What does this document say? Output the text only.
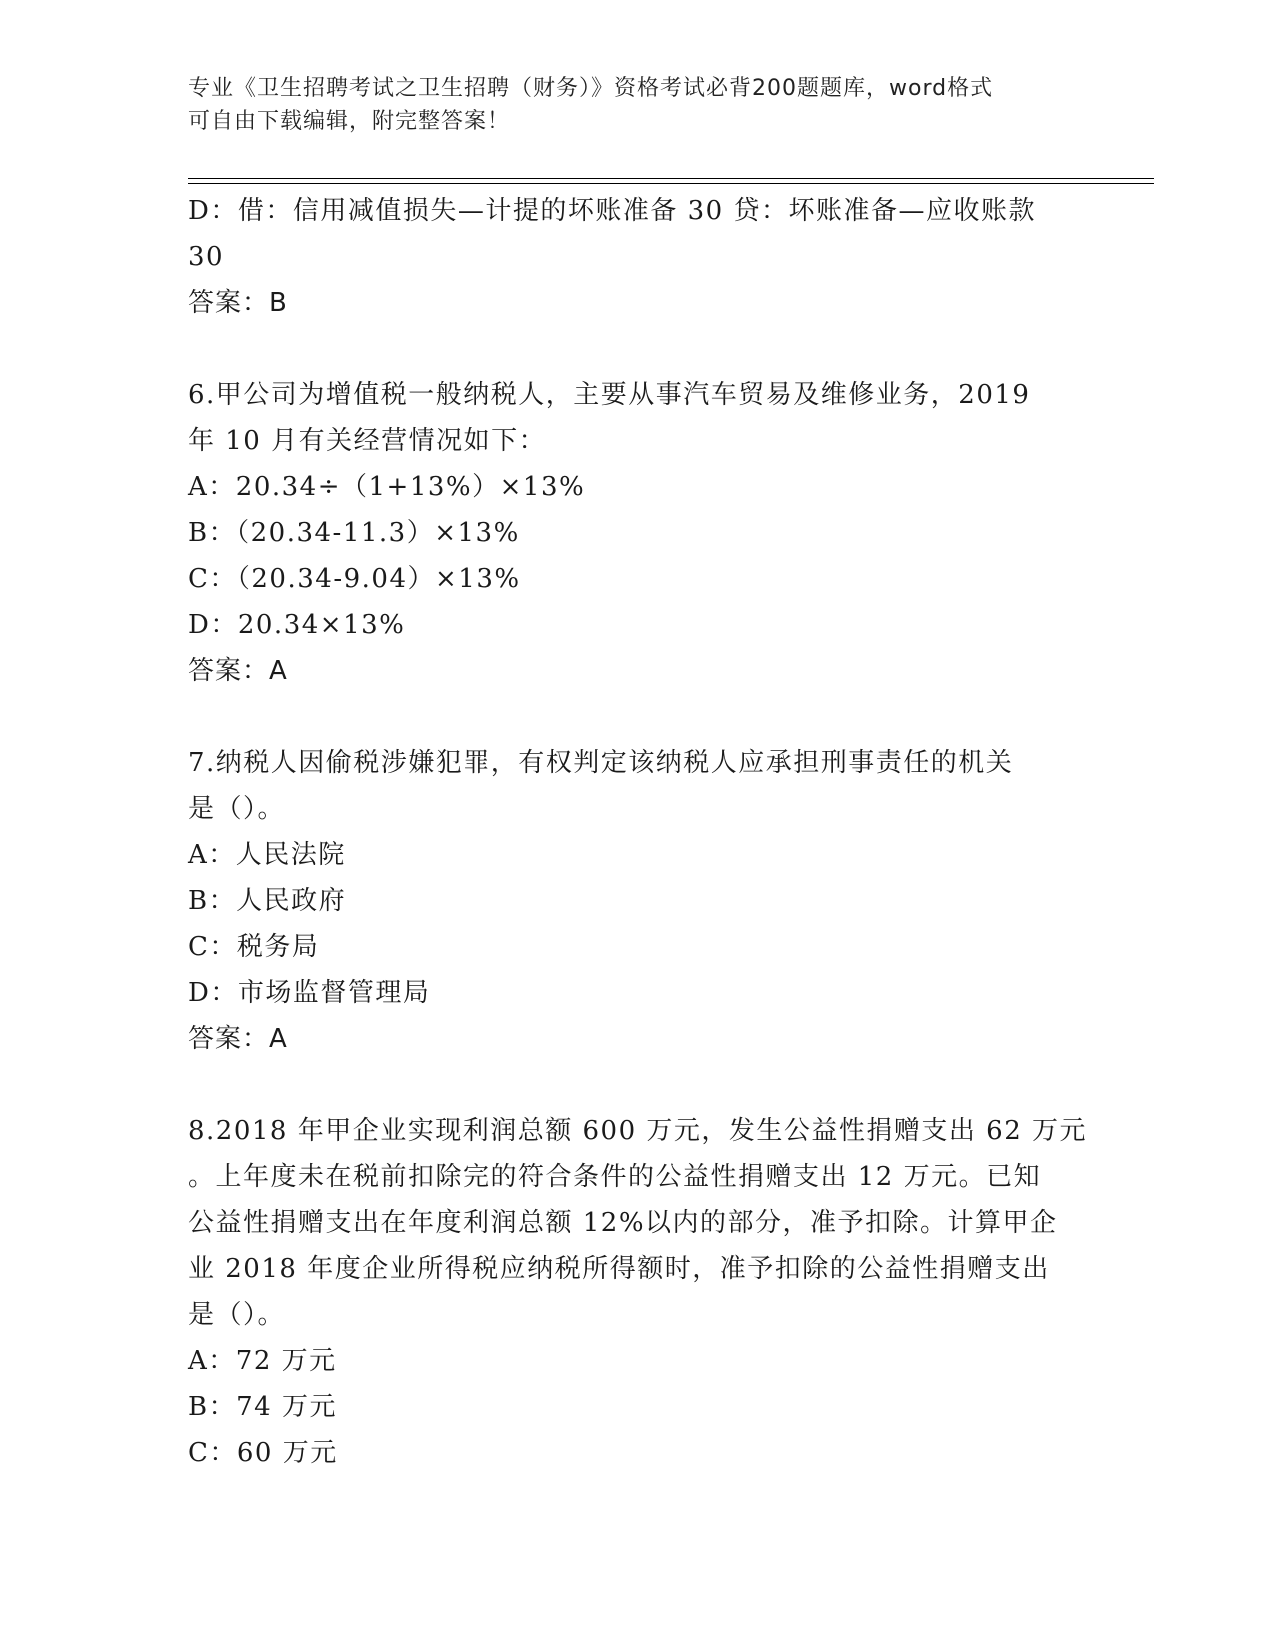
专业《卫生招聘考试之卫生招聘（财务）》资格考试必背200题题库，word格式
可自由下载编辑，附完整答案！
D：借：信用减值损失—计提的坏账准备 30 贷：坏账准备—应收账款
30
答案：B
6.甲公司为增值税一般纳税人，主要从事汽车贸易及维修业务，2019
年 10 月有关经营情况如下：
A：20.34÷（1+13%）×13%
B：（20.34-11.3）×13%
C：（20.34-9.04）×13%
D：20.34×13%
答案：A
7.纳税人因偷税涉嫌犯罪，有权判定该纳税人应承担刑事责任的机关
是（）。
A：人民法院
B：人民政府
C：税务局
D：市场监督管理局
答案：A
8.2018 年甲企业实现利润总额 600 万元，发生公益性捐赠支出 62 万元
。上年度未在税前扣除完的符合条件的公益性捐赠支出 12 万元。已知
公益性捐赠支出在年度利润总额 12%以内的部分，准予扣除。计算甲企
业 2018 年度企业所得税应纳税所得额时，准予扣除的公益性捐赠支出
是（）。
A：72 万元
B：74 万元
C：60 万元
